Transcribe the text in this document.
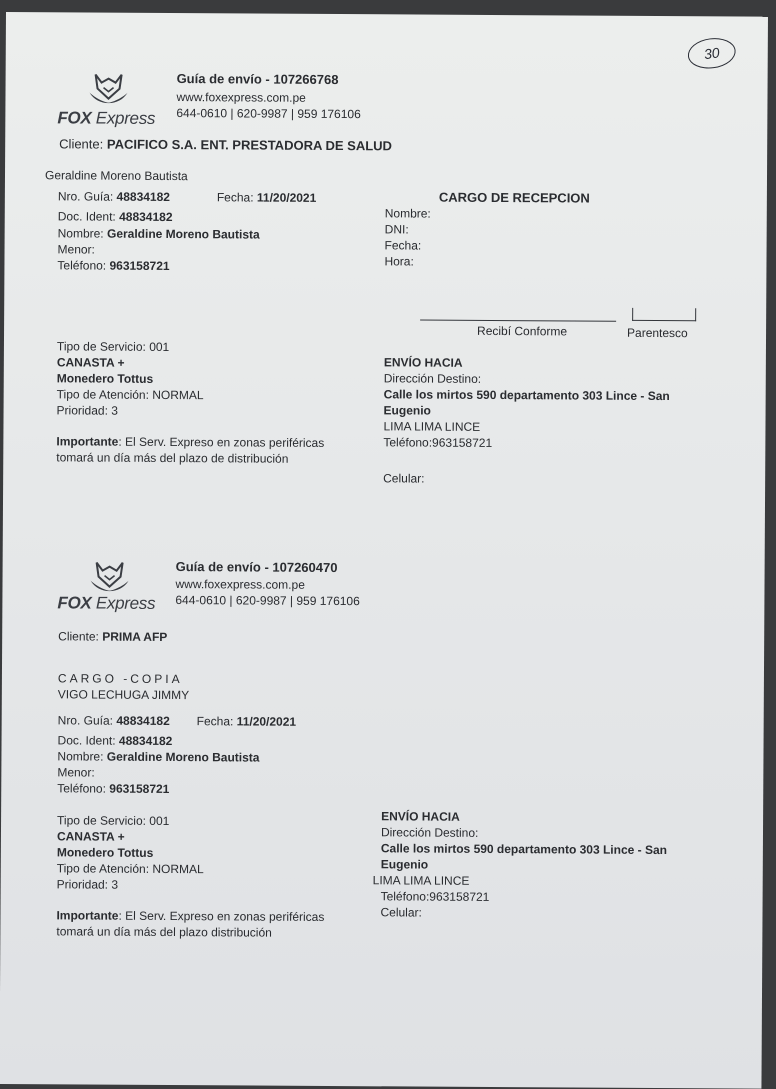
30
FOX Express
Guía de envío - 107266768
www.foxexpress.com.pe
644-0610 | 620-9987 | 959 176106
Cliente: PACIFICO S.A. ENT. PRESTADORA DE SALUD
Geraldine Moreno Bautista
Nro. Guía: 48834182	Fecha: 11/20/2021
Doc. Ident: 48834182
Nombre: Geraldine Moreno Bautista
Menor:
Teléfono: 963158721
CARGO DE RECEPCION
Nombre:
DNI:
Fecha:
Hora:
Recibí Conforme	Parentesco
Tipo de Servicio: 001
CANASTA +
Monedero Tottus
Tipo de Atención: NORMAL
Prioridad: 3
Importante: El Serv. Expreso en zonas periféricas
tomará un día más del plazo de distribución
ENVÍO HACIA
Dirección Destino:
Calle los mirtos 590 departamento 303 Lince - San
Eugenio
LIMA LIMA LINCE
Teléfono:963158721
Celular:
FOX Express
Guía de envío - 107260470
www.foxexpress.com.pe
644-0610 | 620-9987 | 959 176106
Cliente: PRIMA AFP
CARGO -COPIA
VIGO LECHUGA JIMMY
Nro. Guía: 48834182 Fecha: 11/20/2021
Doc. Ident: 48834182
Nombre: Geraldine Moreno Bautista
Menor:
Teléfono: 963158721
Tipo de Servicio: 001
CANASTA +
Monedero Tottus
Tipo de Atención: NORMAL
Prioridad: 3
Importante: El Serv. Expreso en zonas periféricas
tomará un día más del plazo distribución
ENVÍO HACIA
Dirección Destino:
Calle los mirtos 590 departamento 303 Lince - San
Eugenio
LIMA LIMA LINCE
Teléfono:963158721
Celular:
